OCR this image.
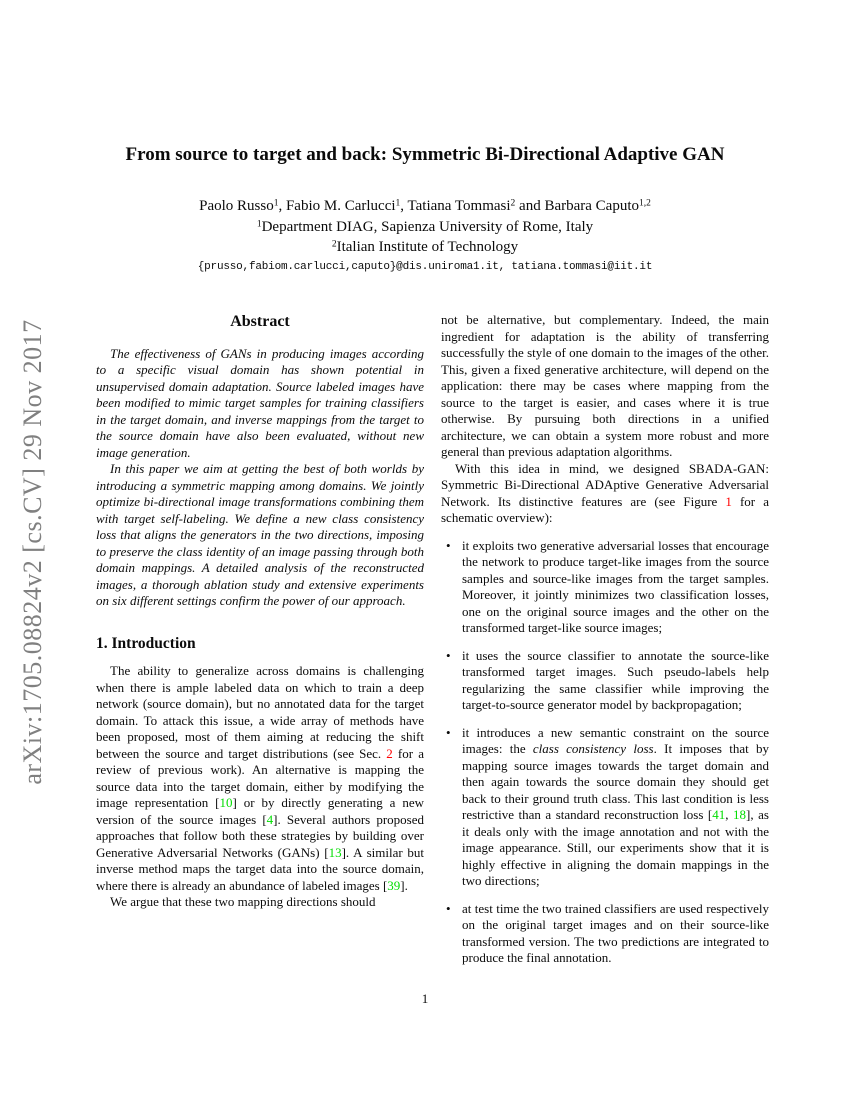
arXiv:1705.08824v2 [cs.CV] 29 Nov 2017
From source to target and back: Symmetric Bi-Directional Adaptive GAN
Paolo Russo$^1$, Fabio M. Carlucci$^1$, Tatiana Tommasi$^2$ and Barbara Caputo$^{1,2}$
$^1$Department DIAG, Sapienza University of Rome, Italy
$^2$Italian Institute of Technology
{prusso,fabiom.carlucci,caputo}@dis.uniroma1.it, tatiana.tommasi@iit.it
Abstract

The effectiveness of GANs in producing images according to a specific visual domain has shown potential in unsupervised domain adaptation. Source labeled images have been modified to mimic target samples for training classifiers in the target domain, and inverse mappings from the target to the source domain have also been evaluated, without new image generation.

In this paper we aim at getting the best of both worlds by introducing a symmetric mapping among domains. We jointly optimize bi-directional image transformations combining them with target self-labeling. We define a new class consistency loss that aligns the generators in the two directions, imposing to preserve the class identity of an image passing through both domain mappings. A detailed analysis of the reconstructed images, a thorough ablation study and extensive experiments on six different settings confirm the power of our approach.

1. Introduction

The ability to generalize across domains is challenging when there is ample labeled data on which to train a deep network (source domain), but no annotated data for the target domain. To attack this issue, a wide array of methods have been proposed, most of them aiming at reducing the shift between the source and target distributions (see Sec. 2 for a review of previous work). An alternative is mapping the source data into the target domain, either by modifying the image representation [10] or by directly generating a new version of the source images [4]. Several authors proposed approaches that follow both these strategies by building over Generative Adversarial Networks (GANs) [13]. A similar but inverse method maps the target data into the source domain, where there is already an abundance of labeled images [39].

We argue that these two mapping directions should

not be alternative, but complementary. Indeed, the main ingredient for adaptation is the ability of transferring successfully the style of one domain to the images of the other. This, given a fixed generative architecture, will depend on the application: there may be cases where mapping from the source to the target is easier, and cases where it is true otherwise. By pursuing both directions in a unified architecture, we can obtain a system more robust and more general than previous adaptation algorithms.

With this idea in mind, we designed SBADA-GAN: Symmetric Bi-Directional ADAptive Generative Adversarial Network. Its distinctive features are (see Figure 1 for a schematic overview):

• it exploits two generative adversarial losses that encourage the network to produce target-like images from the source samples and source-like images from the target samples. Moreover, it jointly minimizes two classification losses, one on the original source images and the other on the transformed target-like source images;
• it uses the source classifier to annotate the source-like transformed target images. Such pseudo-labels help regularizing the same classifier while improving the target-to-source generator model by backpropagation;
• it introduces a new semantic constraint on the source images: the class consistency loss. It imposes that by mapping source images towards the target domain and then again towards the source domain they should get back to their ground truth class. This last condition is less restrictive than a standard reconstruction loss [41, 18], as it deals only with the image annotation and not with the image appearance. Still, our experiments show that it is highly effective in aligning the domain mappings in the two directions;
• at test time the two trained classifiers are used respectively on the original target images and on their source-like transformed version. The two predictions are integrated to produce the final annotation.
1
